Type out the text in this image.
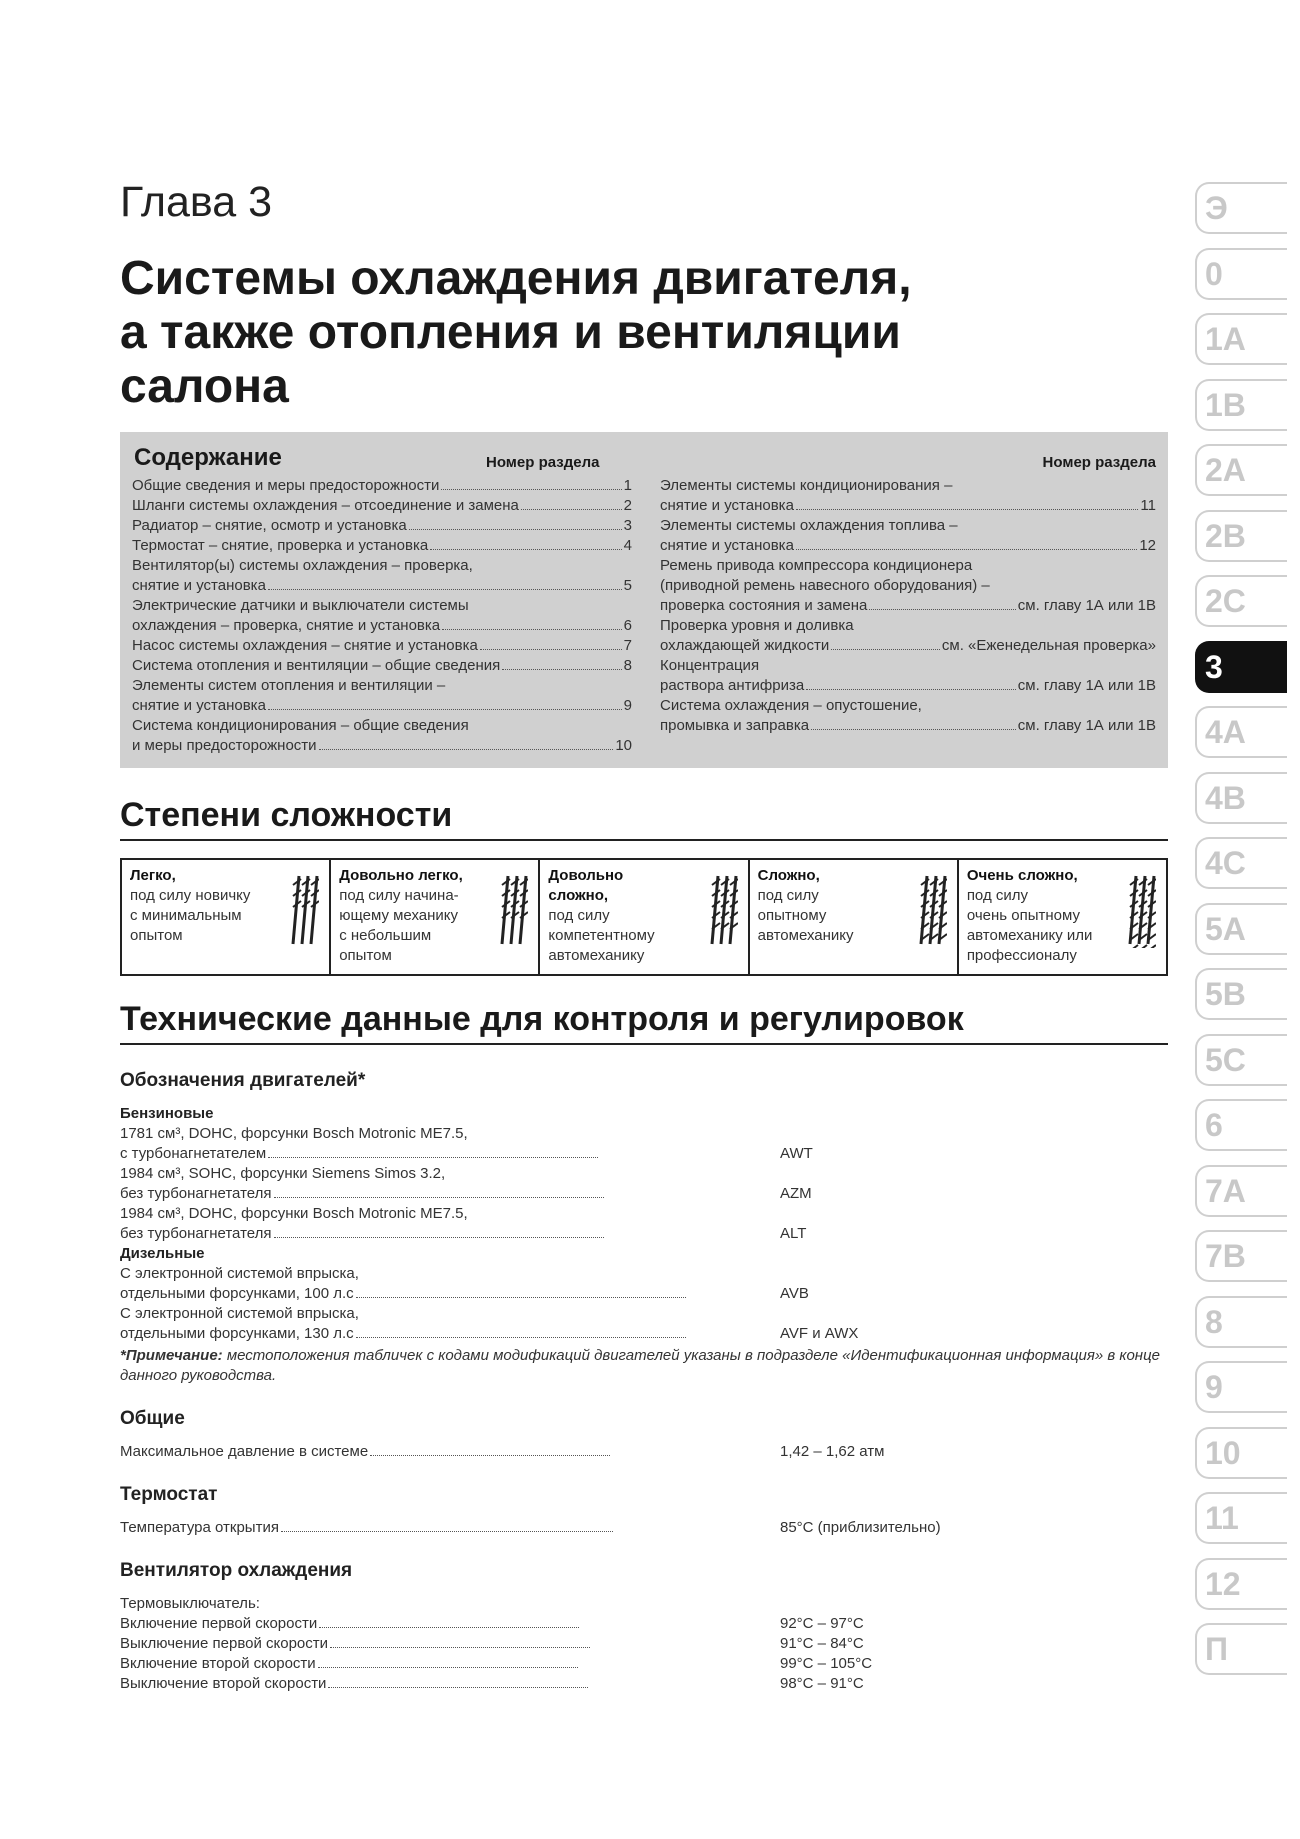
Глава 3
Системы охлаждения двигателя,
а также отопления и вентиляции
салона
Содержание	Номер раздела	Номер раздела
Общие сведения и меры предосторожности	1
Шланги системы охлаждения – отсоединение и замена	2
Радиатор – снятие, осмотр и установка	3
Термостат – снятие, проверка и установка	4
Вентилятор(ы) системы охлаждения – проверка,
снятие и установка	5
Электрические датчики и выключатели системы
охлаждения – проверка, снятие и установка	6
Насос системы охлаждения – снятие и установка	7
Система отопления и вентиляции – общие сведения	8
Элементы систем отопления и вентиляции –
снятие и установка	9
Система кондиционирования – общие сведения
и меры предосторожности	10
Элементы системы кондиционирования –
снятие и установка	11
Элементы системы охлаждения топлива –
снятие и установка	12
Ремень привода компрессора кондиционера
(приводной ремень навесного оборудования) –
проверка состояния и замена	см. главу 1А или 1В
Проверка уровня и доливка
охлаждающей жидкости	см. «Еженедельная проверка»
Концентрация
раствора антифриза	см. главу 1А или 1В
Система охлаждения – опустошение,
промывка и заправка	см. главу 1А или 1В
Степени сложности
Легко,
под силу новичку
с минимальным
опытом
Довольно легко,
под силу начина-
ющему механику
с небольшим
опытом
Довольно
сложно,
под силу
компетентному
автомеханику
Сложно,
под силу
опытному
автомеханику
Очень сложно,
под силу
очень опытному
автомеханику или
профессионалу
Технические данные для контроля и регулировок
Обозначения двигателей*
Бензиновые
1781 см³, DOHC, форсунки Bosch Motronic ME7.5,
с турбонагнетателем	AWT
1984 см³, SOHC, форсунки Siemens Simos 3.2,
без турбонагнетателя	AZM
1984 см³, DOHC, форсунки Bosch Motronic ME7.5,
без турбонагнетателя	ALT
Дизельные
С электронной системой впрыска,
отдельными форсунками, 100 л.с	AVB
С электронной системой впрыска,
отдельными форсунками, 130 л.с	AVF и AWX
*Примечание: местоположения табличек с кодами модификаций двигателей указаны в подразделе «Идентификационная информация» в конце данного руководства.
Общие
Максимальное давление в системе	1,42 – 1,62 атм
Термостат
Температура открытия	85°C (приблизительно)
Вентилятор охлаждения
Термовыключатель:
Включение первой скорости	92°C – 97°C
Выключение первой скорости	91°C – 84°C
Включение второй скорости	99°C – 105°C
Выключение второй скорости	98°C – 91°C
Э
0
1А
1В
2А
2В
2С
3
4А
4В
4С
5А
5В
5С
6
7А
7В
8
9
10
11
12
П
